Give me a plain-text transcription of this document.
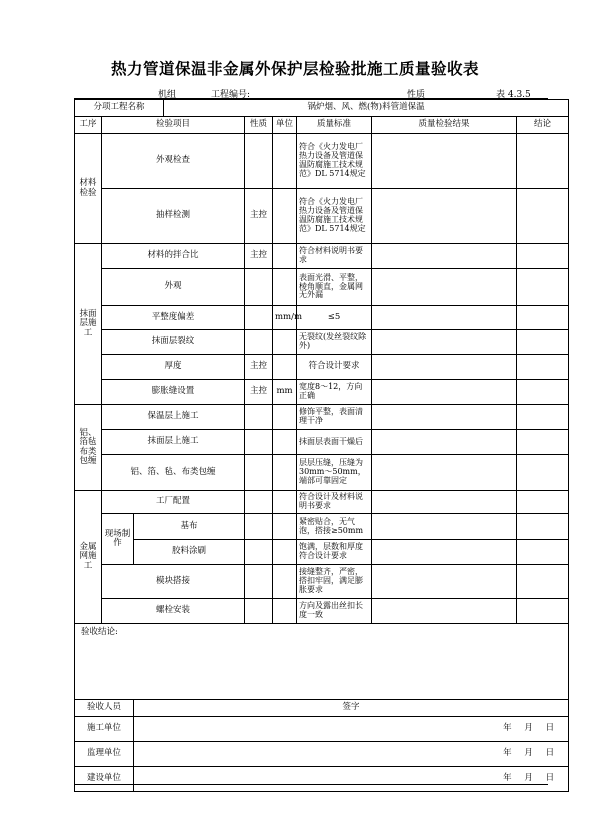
热力管道保温非金属外保护层检验批施工质量验收表
机组	工程编号:	性质	表 4.3.5
分项工程名称			锅炉烟、风、燃(物)料管道保温					
工序	检验项目			性质	单位	质量标准	质量检验结果	结论
材料检验	外观检查					符合《火力发电厂热力设备及管道保温防腐施工技术规范》DL 5714规定		
	抽样检测			主控		符合《火力发电厂热力设备及管道保温防腐施工技术规范》DL 5714规定		
抹面层施工	材料的拌合比			主控		符合材料说明书要求		
	外观					表面光滑、平整，棱角顺直，金属网无外漏		
	平整度偏差				mm/m	≤5		
	抹面层裂纹					无裂纹(发丝裂纹除外)		
	厚度			主控		符合设计要求		
	膨胀缝设置			主控	mm	宽度8～12，方向正确		
铝、箔毡布类包缠	保温层上施工					修饰平整，表面清理干净		
	抹面层上施工					抹面层表面干燥后		
	铝、箔、毡、布类包缠					层层压缝，压缝为30mm～50mm，端部可靠固定		
金属网施工	工厂配置					符合设计及材料说明书要求		
	现场制作	基布				紧密贴合，无气泡，搭接≥50mm		
		胶料涂刷				饱满，层数和厚度符合设计要求		
	模块搭接					接缝整齐，严密，搭扣牢固，满足膨胀要求		
	螺栓安装					方向及露出丝扣长度一致		
验收结论:								
验收人员		签字						
施工单位		年 月 日						
监理单位		年 月 日						
建设单位		年 月 日						
